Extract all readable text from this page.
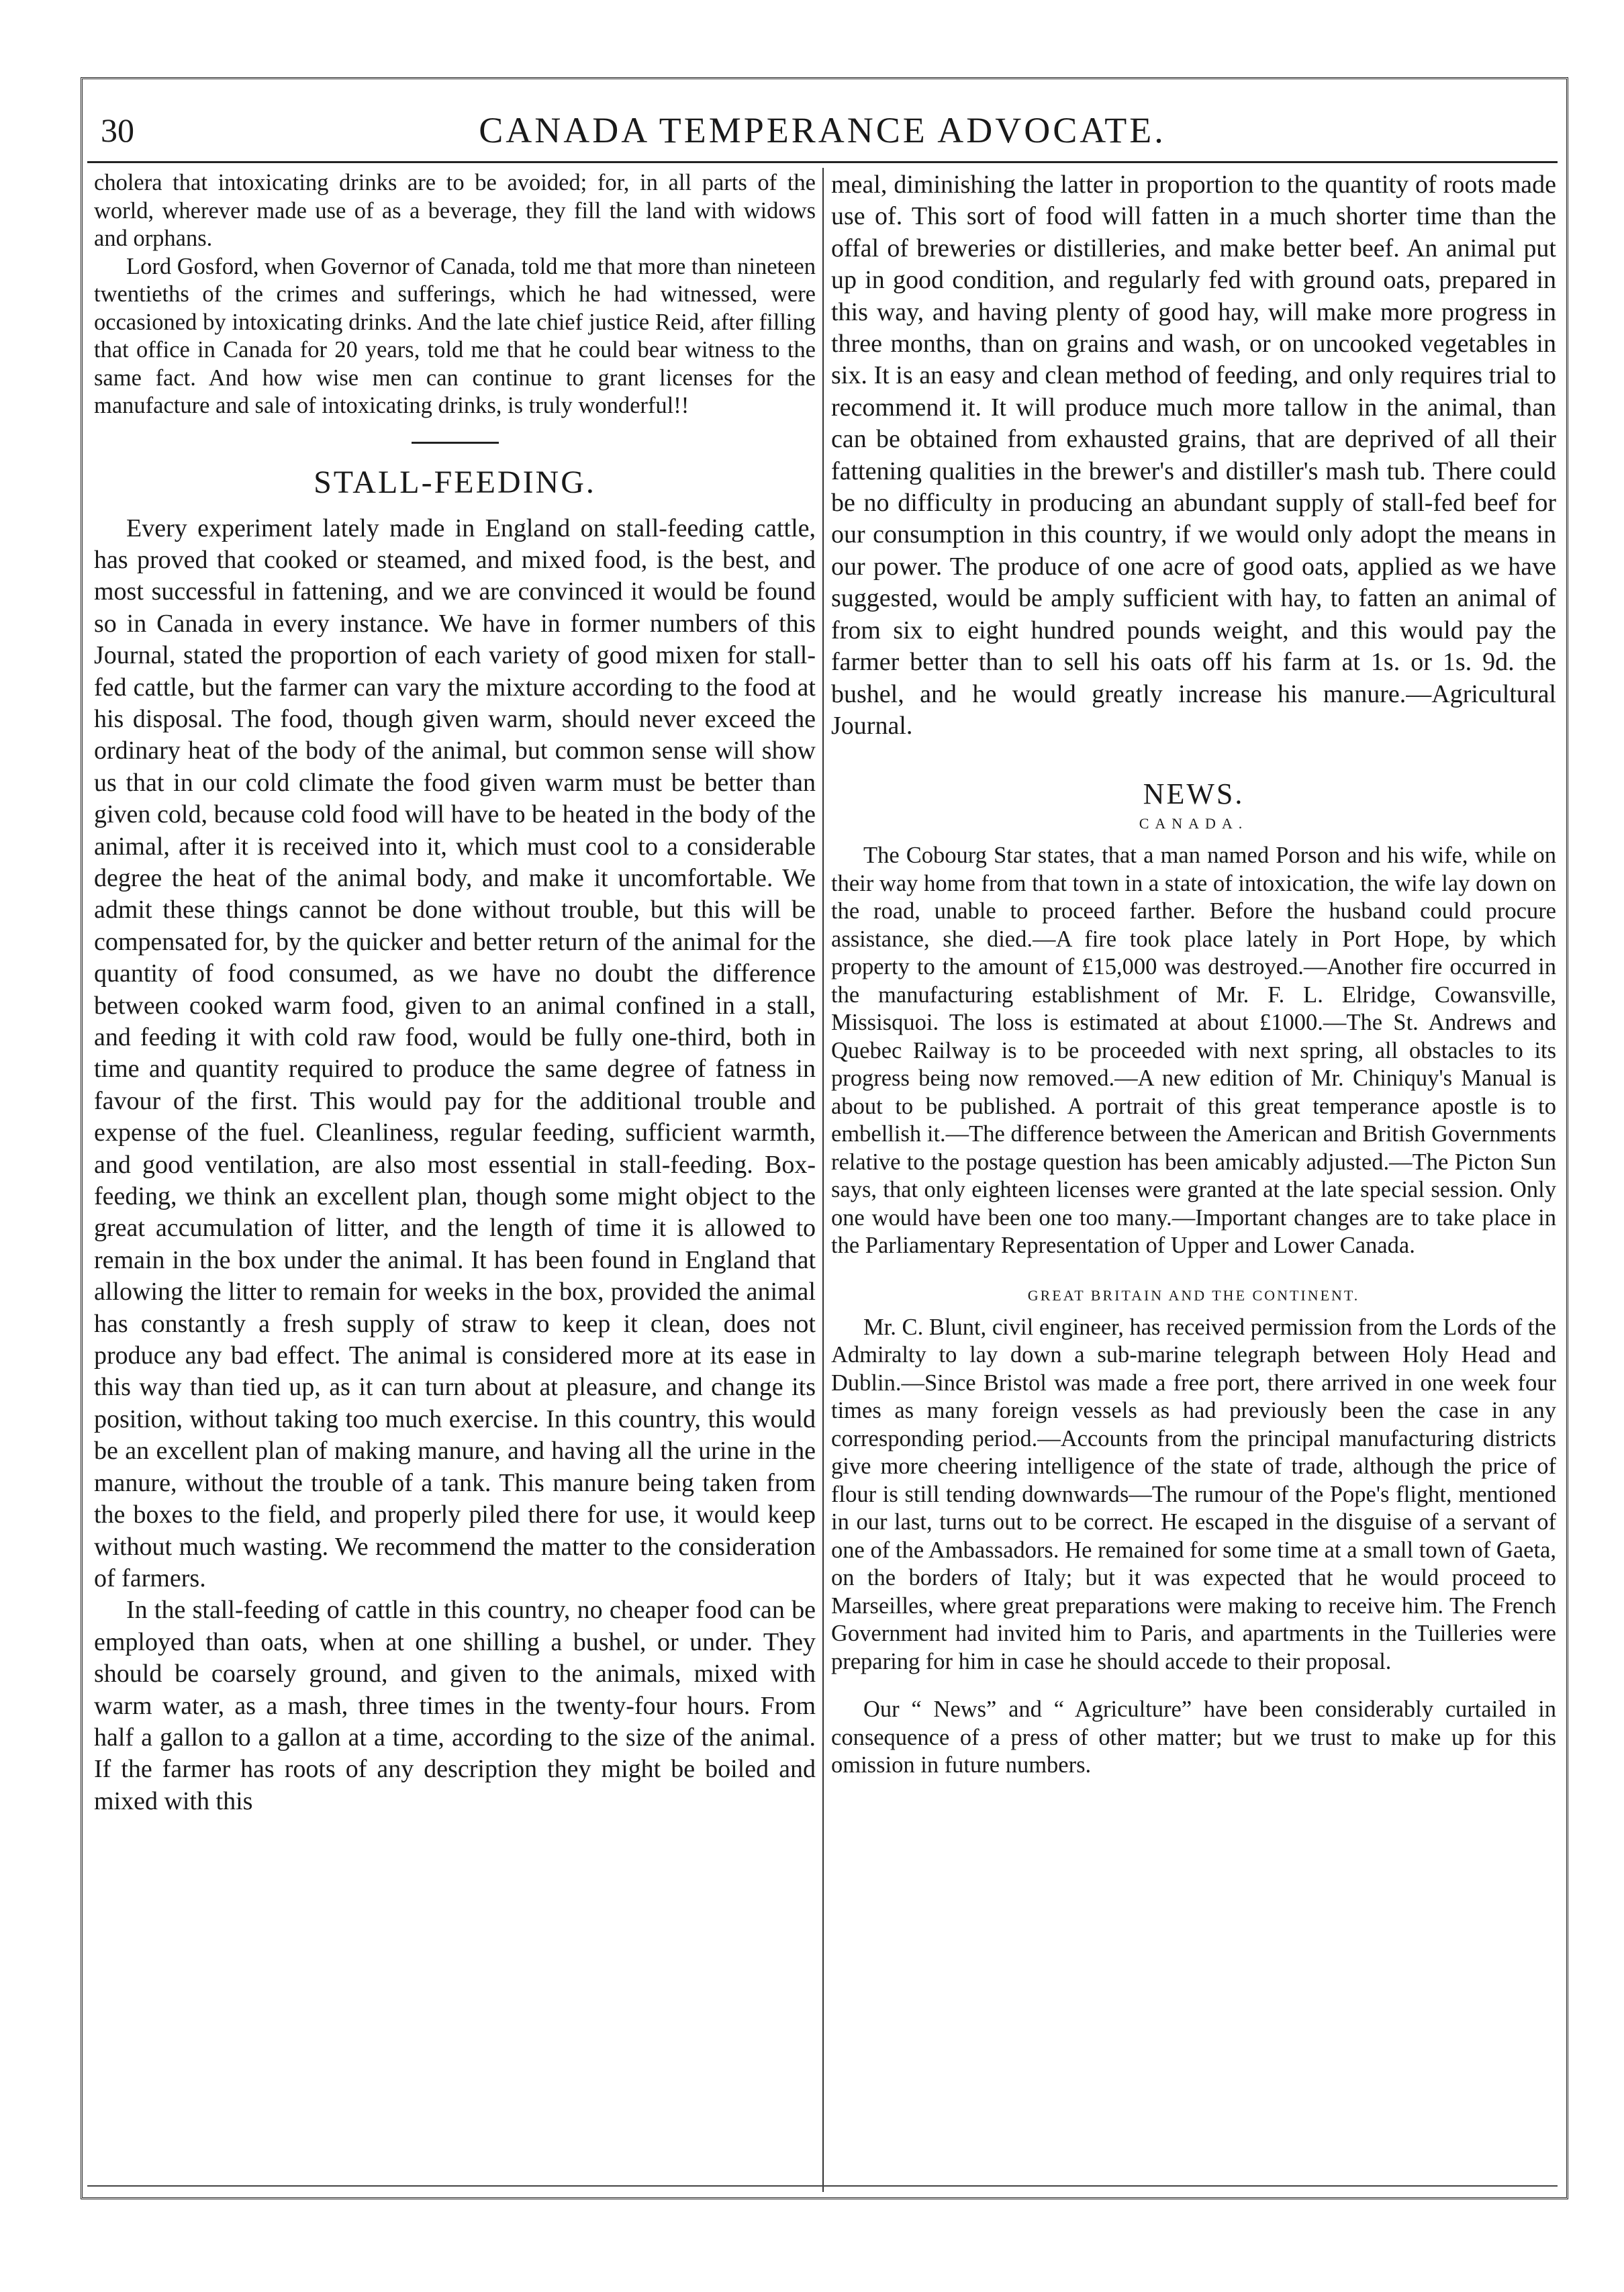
30	CANADA TEMPERANCE ADVOCATE.

cholera that intoxicating drinks are to be avoided; for, in all parts of the world, wherever made use of as a beverage, they fill the land with widows and orphans.

Lord Gosford, when Governor of Canada, told me that more than nineteen twentieths of the crimes and sufferings, which he had witnessed, were occasioned by intoxicating drinks. And the late chief justice Reid, after filling that office in Canada for 20 years, told me that he could bear witness to the same fact. And how wise men can continue to grant licenses for the manufacture and sale of intoxicating drinks, is truly wonderful!!

STALL-FEEDING.

Every experiment lately made in England on stall-feeding cattle, has proved that cooked or steamed, and mixed food, is the best, and most successful in fattening, and we are convinced it would be found so in Canada in every instance. We have in former numbers of this Journal, stated the proportion of each variety of good mixen for stall-fed cattle, but the farmer can vary the mixture according to the food at his disposal. The food, though given warm, should never exceed the ordinary heat of the body of the animal, but common sense will show us that in our cold climate the food given warm must be better than given cold, because cold food will have to be heated in the body of the animal, after it is received into it, which must cool to a considerable degree the heat of the animal body, and make it uncomfortable. We admit these things cannot be done without trouble, but this will be compensated for, by the quicker and better return of the animal for the quantity of food consumed, as we have no doubt the difference between cooked warm food, given to an animal confined in a stall, and feeding it with cold raw food, would be fully one-third, both in time and quantity required to produce the same degree of fatness in favour of the first. This would pay for the additional trouble and expense of the fuel. Cleanliness, regular feeding, sufficient warmth, and good ventilation, are also most essential in stall-feeding. Box-feeding, we think an excellent plan, though some might object to the great accumulation of litter, and the length of time it is allowed to remain in the box under the animal. It has been found in England that allowing the litter to remain for weeks in the box, provided the animal has constantly a fresh supply of straw to keep it clean, does not produce any bad effect. The animal is considered more at its ease in this way than tied up, as it can turn about at pleasure, and change its position, without taking too much exercise. In this country, this would be an excellent plan of making manure, and having all the urine in the manure, without the trouble of a tank. This manure being taken from the boxes to the field, and properly piled there for use, it would keep without much wasting. We recommend the matter to the consideration of farmers.

In the stall-feeding of cattle in this country, no cheaper food can be employed than oats, when at one shilling a bushel, or under. They should be coarsely ground, and given to the animals, mixed with warm water, as a mash, three times in the twenty-four hours. From half a gallon to a gallon at a time, according to the size of the animal. If the farmer has roots of any description they might be boiled and mixed with this

meal, diminishing the latter in proportion to the quantity of roots made use of. This sort of food will fatten in a much shorter time than the offal of breweries or distilleries, and make better beef. An animal put up in good condition, and regularly fed with ground oats, prepared in this way, and having plenty of good hay, will make more progress in three months, than on grains and wash, or on uncooked vegetables in six. It is an easy and clean method of feeding, and only requires trial to recommend it. It will produce much more tallow in the animal, than can be obtained from exhausted grains, that are deprived of all their fattening qualities in the brewer's and distiller's mash tub. There could be no difficulty in producing an abundant supply of stall-fed beef for our consumption in this country, if we would only adopt the means in our power. The produce of one acre of good oats, applied as we have suggested, would be amply sufficient with hay, to fatten an animal of from six to eight hundred pounds weight, and this would pay the farmer better than to sell his oats off his farm at 1s. or 1s. 9d. the bushel, and he would greatly increase his manure.—Agricultural Journal.

NEWS.
CANADA.

The Cobourg Star states, that a man named Porson and his wife, while on their way home from that town in a state of intoxication, the wife lay down on the road, unable to proceed farther. Before the husband could procure assistance, she died.—A fire took place lately in Port Hope, by which property to the amount of £15,000 was destroyed.—Another fire occurred in the manufacturing establishment of Mr. F. L. Elridge, Cowansville, Missisquoi. The loss is estimated at about £1000.—The St. Andrews and Quebec Railway is to be proceeded with next spring, all obstacles to its progress being now removed.—A new edition of Mr. Chiniquy's Manual is about to be published. A portrait of this great temperance apostle is to embellish it.—The difference between the American and British Governments relative to the postage question has been amicably adjusted.—The Picton Sun says, that only eighteen licenses were granted at the late special session. Only one would have been one too many.—Important changes are to take place in the Parliamentary Representation of Upper and Lower Canada.

GREAT BRITAIN AND THE CONTINENT.

Mr. C. Blunt, civil engineer, has received permission from the Lords of the Admiralty to lay down a sub-marine telegraph between Holy Head and Dublin.—Since Bristol was made a free port, there arrived in one week four times as many foreign vessels as had previously been the case in any corresponding period.—Accounts from the principal manufacturing districts give more cheering intelligence of the state of trade, although the price of flour is still tending downwards—The rumour of the Pope's flight, mentioned in our last, turns out to be correct. He escaped in the disguise of a servant of one of the Ambassadors. He remained for some time at a small town of Gaeta, on the borders of Italy; but it was expected that he would proceed to Marseilles, where great preparations were making to receive him. The French Government had invited him to Paris, and apartments in the Tuilleries were preparing for him in case he should accede to their proposal.

Our “ News” and “ Agriculture” have been considerably curtailed in consequence of a press of other matter; but we trust to make up for this omission in future numbers.
